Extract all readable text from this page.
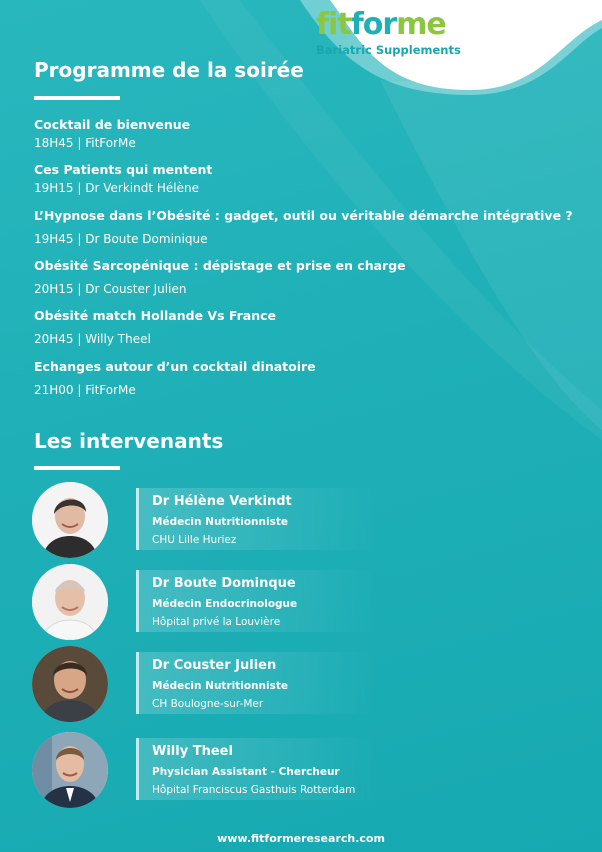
fitforme
Bariatric Supplements
Programme de la soirée
Cocktail de bienvenue
18H45 | FitForMe
Ces Patients qui mentent
19H15 | Dr Verkindt Hélène
L’Hypnose dans l’Obésité : gadget, outil ou véritable démarche intégrative ?
19H45 | Dr Boute Dominique
Obésité Sarcopénique : dépistage et prise en charge
20H15 | Dr Couster Julien
Obésité match Hollande Vs France
20H45 | Willy Theel
Echanges autour d’un cocktail dinatoire
21H00 | FitForMe
Les intervenants
Dr Hélène Verkindt
Médecin Nutritionniste
CHU Lille Huriez
Dr Boute Dominque
Médecin Endocrinologue
Hôpital privé la Louvière
Dr Couster Julien
Médecin Nutritionniste
CH Boulogne-sur-Mer
Willy Theel
Physician Assistant - Chercheur
Hôpital Franciscus Gasthuis Rotterdam
www.fitformeresearch.com
